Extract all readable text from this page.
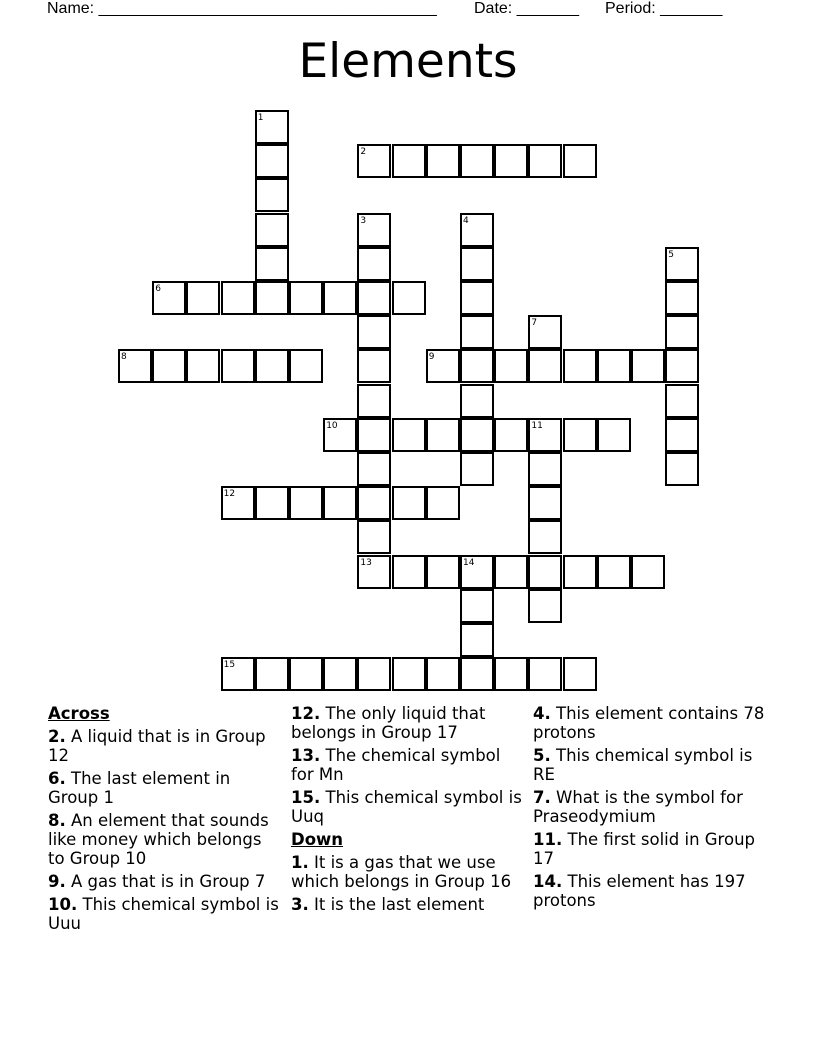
Name: ______________________________________ Date: _______ Period: _______
Elements
1
2
3	4
5
6
7
8	9
10	11
12
13	14
15
Across
2. A liquid that is in Group 12
6. The last element in Group 1
8. An element that sounds like money which belongs to Group 10
9. A gas that is in Group 7
10. This chemical symbol is Uuu
12. The only liquid that belongs in Group 17
13. The chemical symbol for Mn
15. This chemical symbol is Uuq
Down
1. It is a gas that we use which belongs in Group 16
3. It is the last element
4. This element contains 78 protons
5. This chemical symbol is RE
7. What is the symbol for Praseodymium
11. The first solid in Group 17
14. This element has 197 protons
